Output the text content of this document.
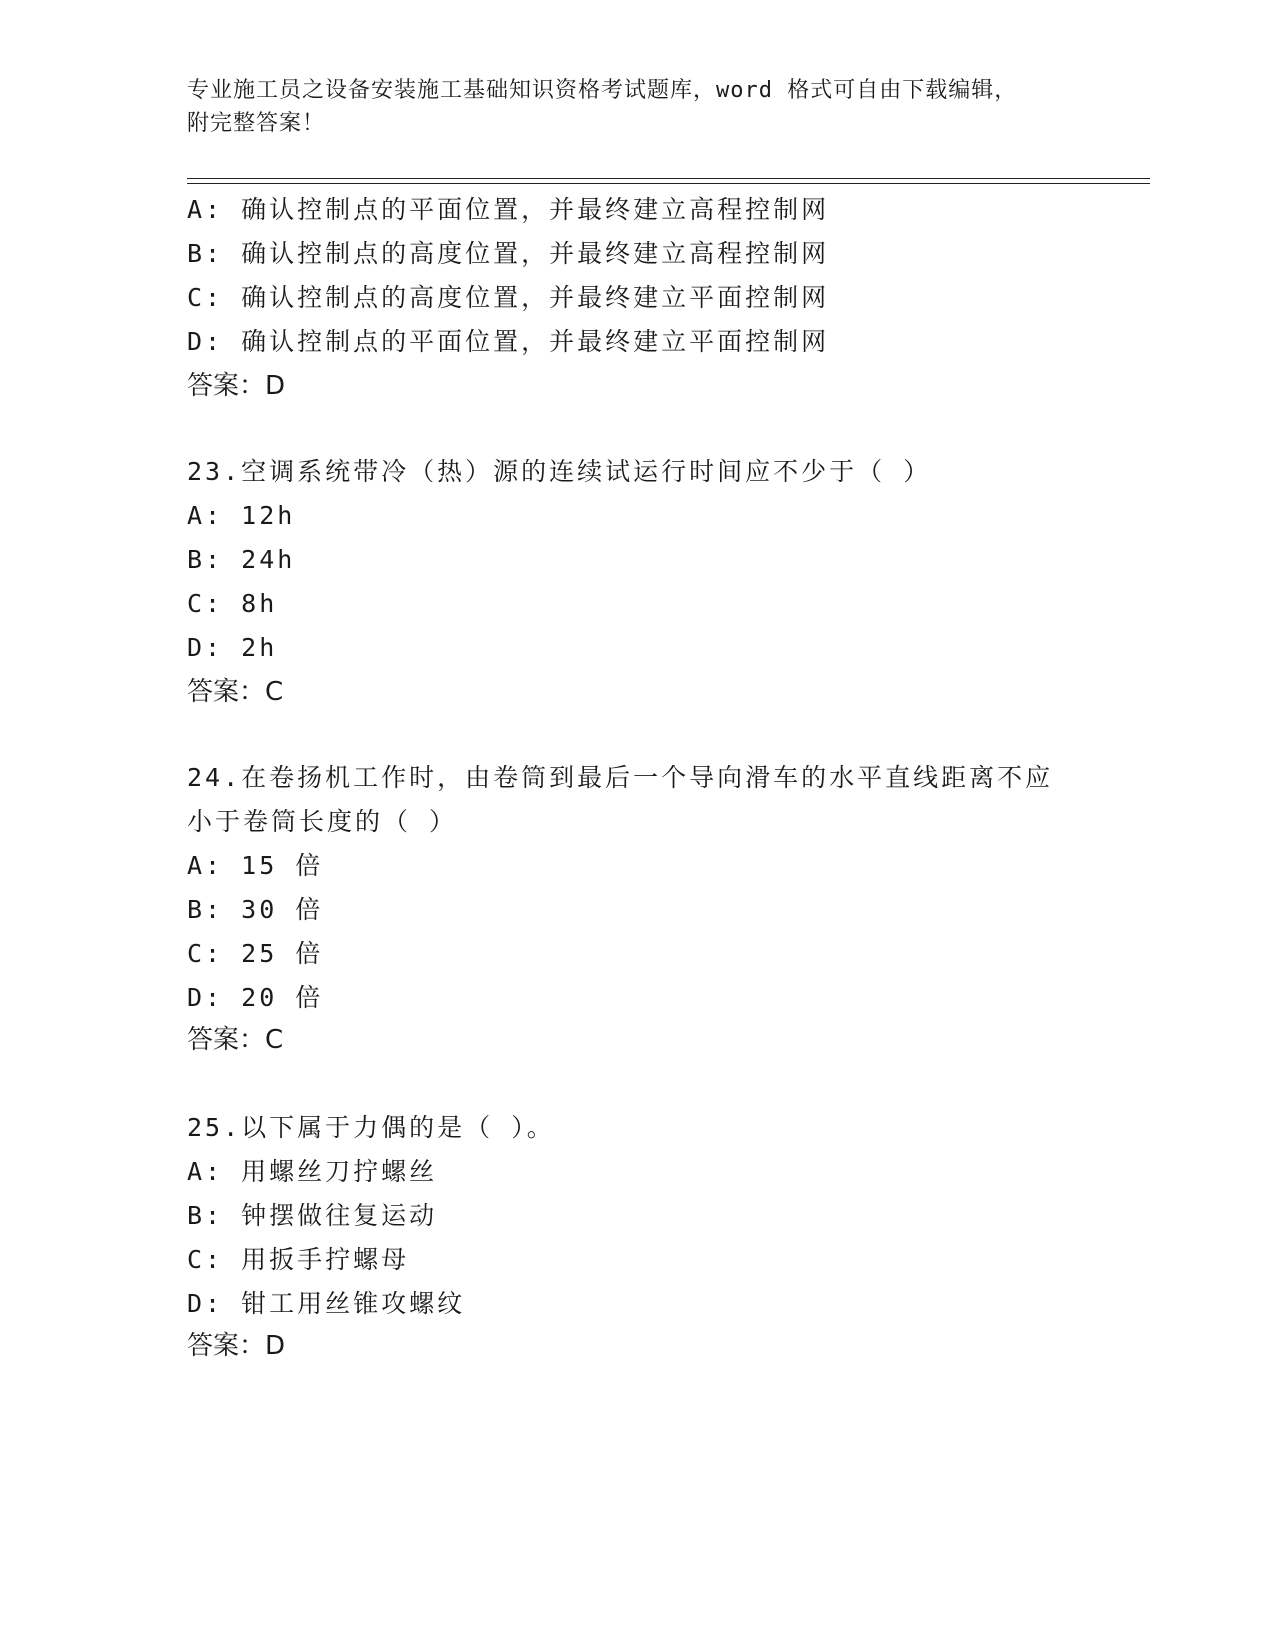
专业施工员之设备安装施工基础知识资格考试题库，word 格式可自由下载编辑，
附完整答案！
A: 确认控制点的平面位置，并最终建立高程控制网
B: 确认控制点的高度位置，并最终建立高程控制网
C: 确认控制点的高度位置，并最终建立平面控制网
D: 确认控制点的平面位置，并最终建立平面控制网
答案：D
23.空调系统带冷（热）源的连续试运行时间应不少于（ ）
A: 12h
B: 24h
C: 8h
D: 2h
答案：C
24.在卷扬机工作时，由卷筒到最后一个导向滑车的水平直线距离不应
小于卷筒长度的（ ）
A: 15 倍
B: 30 倍
C: 25 倍
D: 20 倍
答案：C
25.以下属于力偶的是（ ）。
A: 用螺丝刀拧螺丝
B: 钟摆做往复运动
C: 用扳手拧螺母
D: 钳工用丝锥攻螺纹
答案：D
